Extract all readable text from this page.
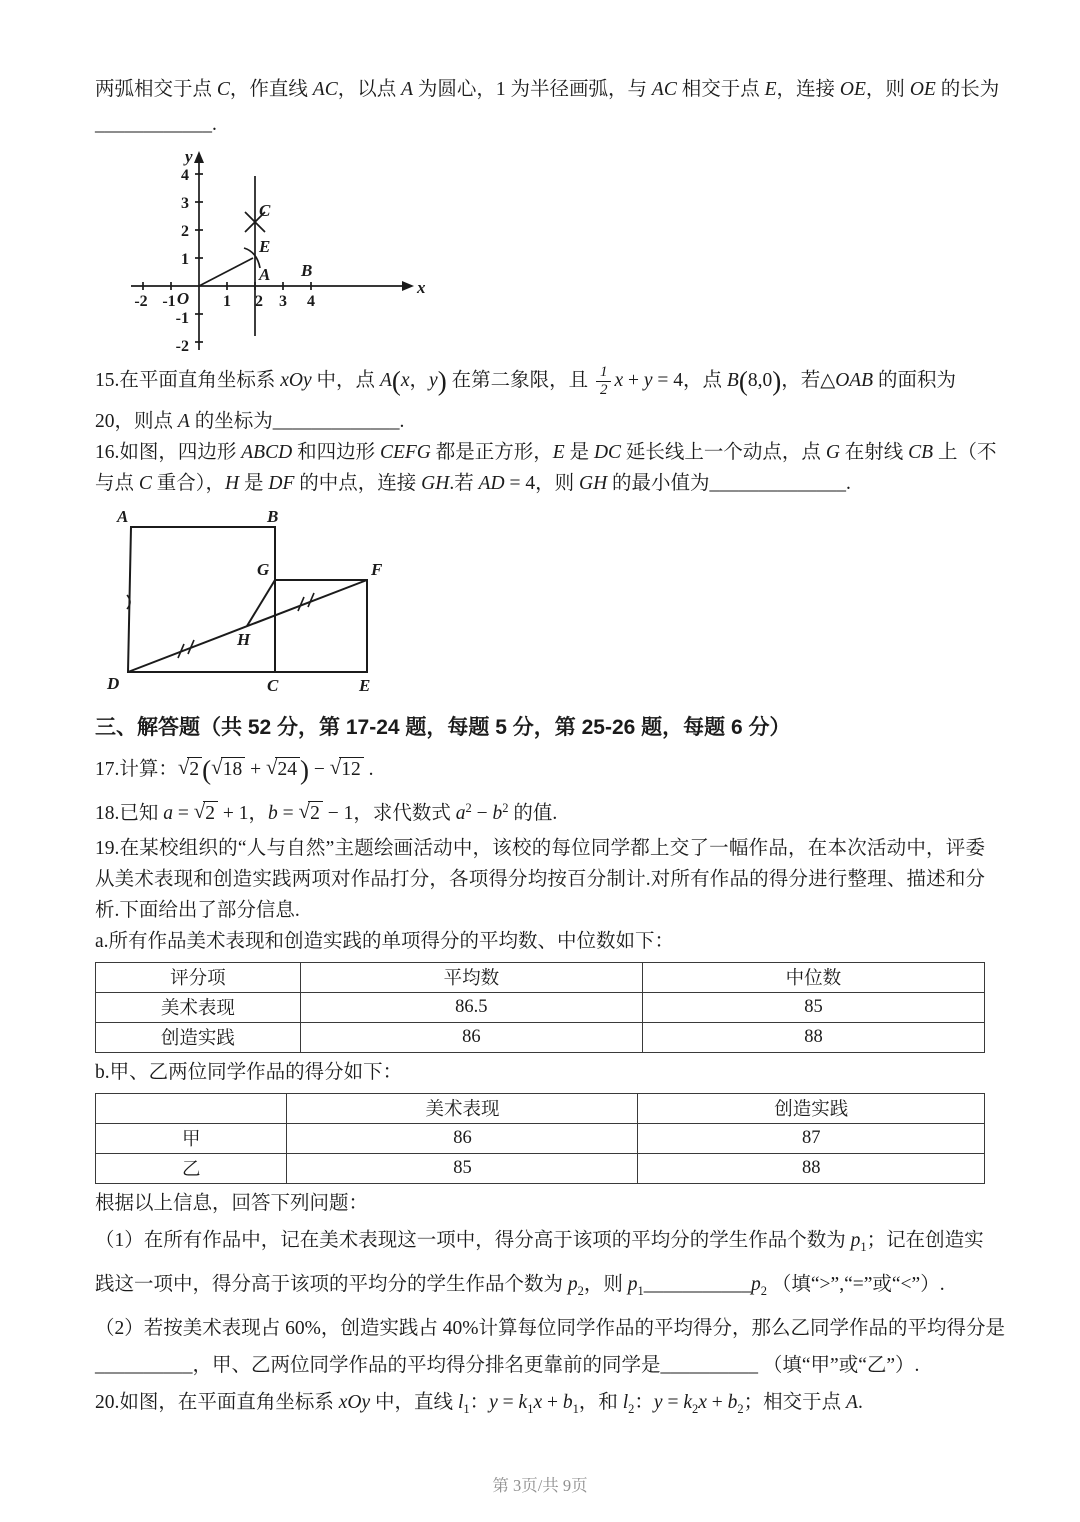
两弧相交于点 C，作直线 AC，以点 A 为圆心，1 为半径画弧，与 AC 相交于点 E，连接 OE，则 OE 的长为
____________.
y
x
O
-2 -1	1 2 3 4
4
3
2
1
-1
-2
C
E
A B
15.在平面直角坐标系 xOy 中，点 A(x，y) 在第二象限，且 $\frac{1}{2}$ x + y = 4，点 B(8,0)，若△OAB 的面积为
20，则点 A 的坐标为_____________.
16.如图，四边形 ABCD 和四边形 CEFG 都是正方形，E 是 DC 延长线上一个动点，点 G 在射线 CB 上（不
与点 C 重合），H 是 DF 的中点，连接 GH.若 AD = 4，则 GH 的最小值为______________.
A	B
D	C	E
G	F
H
三、解答题（共 52 分，第 17-24 题，每题 5 分，第 25-26 题，每题 6 分）
17.计算：√2 (√18 + √24 ) − √12 .
18.已知 a = √2 + 1，b = √2 − 1，求代数式 $a^2 - b^2$ 的值.
19.在某校组织的“人与自然”主题绘画活动中，该校的每位同学都上交了一幅作品，在本次活动中，评委从美术表现和创造实践两项对作品打分，各项得分均按百分制计.对所有作品的得分进行整理、描述和分析.下面给出了部分信息.
a.所有作品美术表现和创造实践的单项得分的平均数、中位数如下：
评分项	平均数	中位数
美术表现	86.5	85
创造实践	86	88
b.甲、乙两位同学作品的得分如下：
	美术表现	创造实践
甲	86	87
乙	85	88
根据以上信息，回答下列问题：
（1）在所有作品中，记在美术表现这一项中，得分高于该项的平均分的学生作品个数为 $p_1$；记在创造实
践这一项中，得分高于该项的平均分的学生作品个数为 $p_2$，则 $p_1\_\_\_\_\_\_\_\_\_\_\_p_2$ （填“>”,“=”或“<”）.
（2）若按美术表现占 60%，创造实践占 40%计算每位同学作品的平均得分，那么乙同学作品的平均得分是
__________，甲、乙两位同学作品的平均得分排名更靠前的同学是__________ （填“甲”或“乙”）.
20.如图，在平面直角坐标系 xOy 中，直线 $l_1$：$y = k_1x + b_1$，和 $l_2$：$y = k_2x + b_2$；相交于点 A.
第 3页/共 9页
